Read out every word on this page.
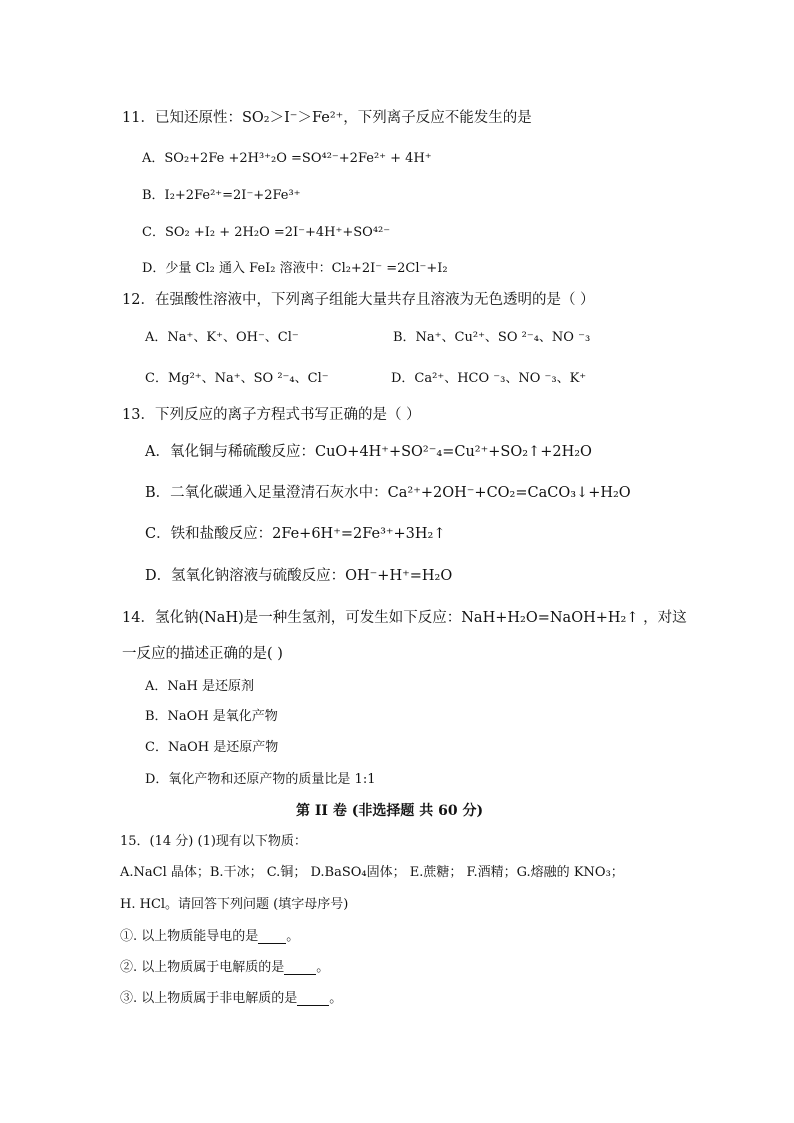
11．已知还原性：SO₂＞I⁻＞Fe²⁺，下列离子反应不能发生的是
A．SO₂+2Fe +2H³⁺₂O =SO⁴²⁻+2Fe²⁺ + 4H⁺
B．I₂+2Fe²⁺=2I⁻+2Fe³⁺
C．SO₂ +I₂ + 2H₂O =2I⁻+4H⁺+SO⁴²⁻
D．少量 Cl₂ 通入 FeI₂ 溶液中：Cl₂+2I⁻ =2Cl⁻+I₂
12．在强酸性溶液中，下列离子组能大量共存且溶液为无色透明的是（ ）
A．Na⁺、K⁺、OH⁻、Cl⁻	B．Na⁺、Cu²⁺、SO ²⁻₄、NO ⁻₃
C．Mg²⁺、Na⁺、SO ²⁻₄、Cl⁻	D．Ca²⁺、HCO ⁻₃、NO ⁻₃、K⁺
13．下列反应的离子方程式书写正确的是（ ）
A．氧化铜与稀硫酸反应：CuO+4H⁺+SO²⁻₄=Cu²⁺+SO₂↑+2H₂O
B．二氧化碳通入足量澄清石灰水中：Ca²⁺+2OH⁻+CO₂=CaCO₃↓+H₂O
C．铁和盐酸反应：2Fe+6H⁺=2Fe³⁺+3H₂↑
D．氢氧化钠溶液与硫酸反应：OH⁻+H⁺=H₂O
14．氢化钠(NaH)是一种生氢剂，可发生如下反应：NaH+H₂O=NaOH+H₂↑ ，对这
一反应的描述正确的是( )
A．NaH 是还原剂
B．NaOH 是氧化产物
C．NaOH 是还原产物
D．氧化产物和还原产物的质量比是 1:1
第 II 卷 (非选择题 共 60 分)
15．(14 分) (1)现有以下物质：
A.NaCl 晶体；B.干冰； C.铜； D.BaSO₄固体； E.蔗糖； F.酒精；G.熔融的 KNO₃；
H. HCl。请回答下列问题 (填字母序号)
①. 以上物质能导电的是 。
②. 以上物质属于电解质的是 。
③. 以上物质属于非电解质的是 。
